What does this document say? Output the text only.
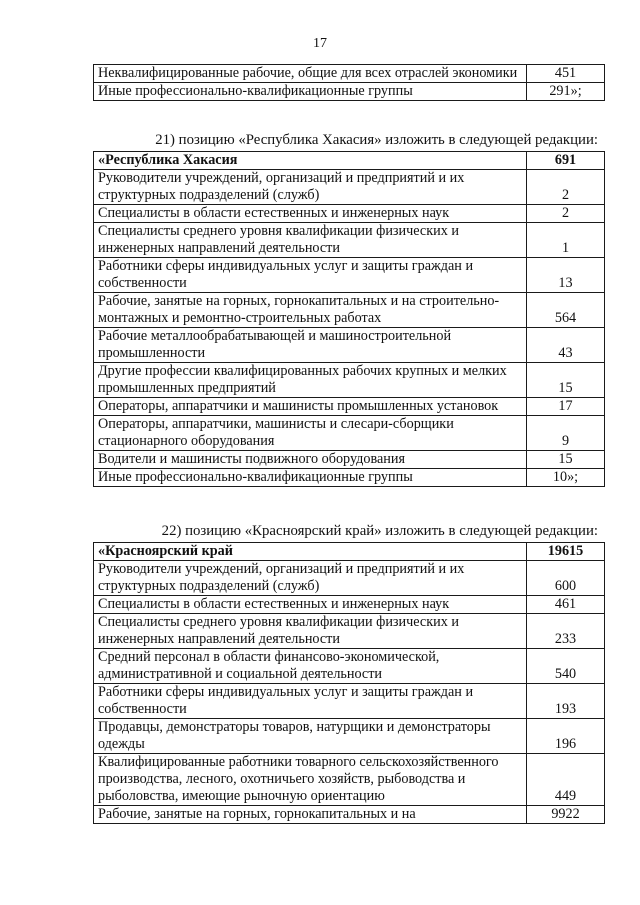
17
Неквалифицированные рабочие, общие для всех отраслей экономики	451
Иные профессионально-квалификационные группы	291»;
21) позицию «Республика Хакасия» изложить в следующей редакции:
«Республика Хакасия	691
Руководители учреждений, организаций и предприятий и их структурных подразделений (служб)	2
Специалисты в области естественных и инженерных наук	2
Специалисты среднего уровня квалификации физических и инженерных направлений деятельности	1
Работники сферы индивидуальных услуг и защиты граждан и собственности	13
Рабочие, занятые на горных, горнокапитальных и на строительно-монтажных и ремонтно-строительных работах	564
Рабочие металлообрабатывающей и машиностроительной промышленности	43
Другие профессии квалифицированных рабочих крупных и мелких промышленных предприятий	15
Операторы, аппаратчики и машинисты промышленных установок	17
Операторы, аппаратчики, машинисты и слесари-сборщики стационарного оборудования	9
Водители и машинисты подвижного оборудования	15
Иные профессионально-квалификационные группы	10»;
22) позицию «Красноярский край» изложить в следующей редакции:
«Красноярский край	19615
Руководители учреждений, организаций и предприятий и их структурных подразделений (служб)	600
Специалисты в области естественных и инженерных наук	461
Специалисты среднего уровня квалификации физических и инженерных направлений деятельности	233
Средний персонал в области финансово-экономической, административной и социальной деятельности	540
Работники сферы индивидуальных услуг и защиты граждан и собственности	193
Продавцы, демонстраторы товаров, натурщики и демонстраторы одежды	196
Квалифицированные работники товарного сельскохозяйственного производства, лесного, охотничьего хозяйств, рыбоводства и рыболовства, имеющие рыночную ориентацию	449
Рабочие, занятые на горных, горнокапитальных и на	9922
